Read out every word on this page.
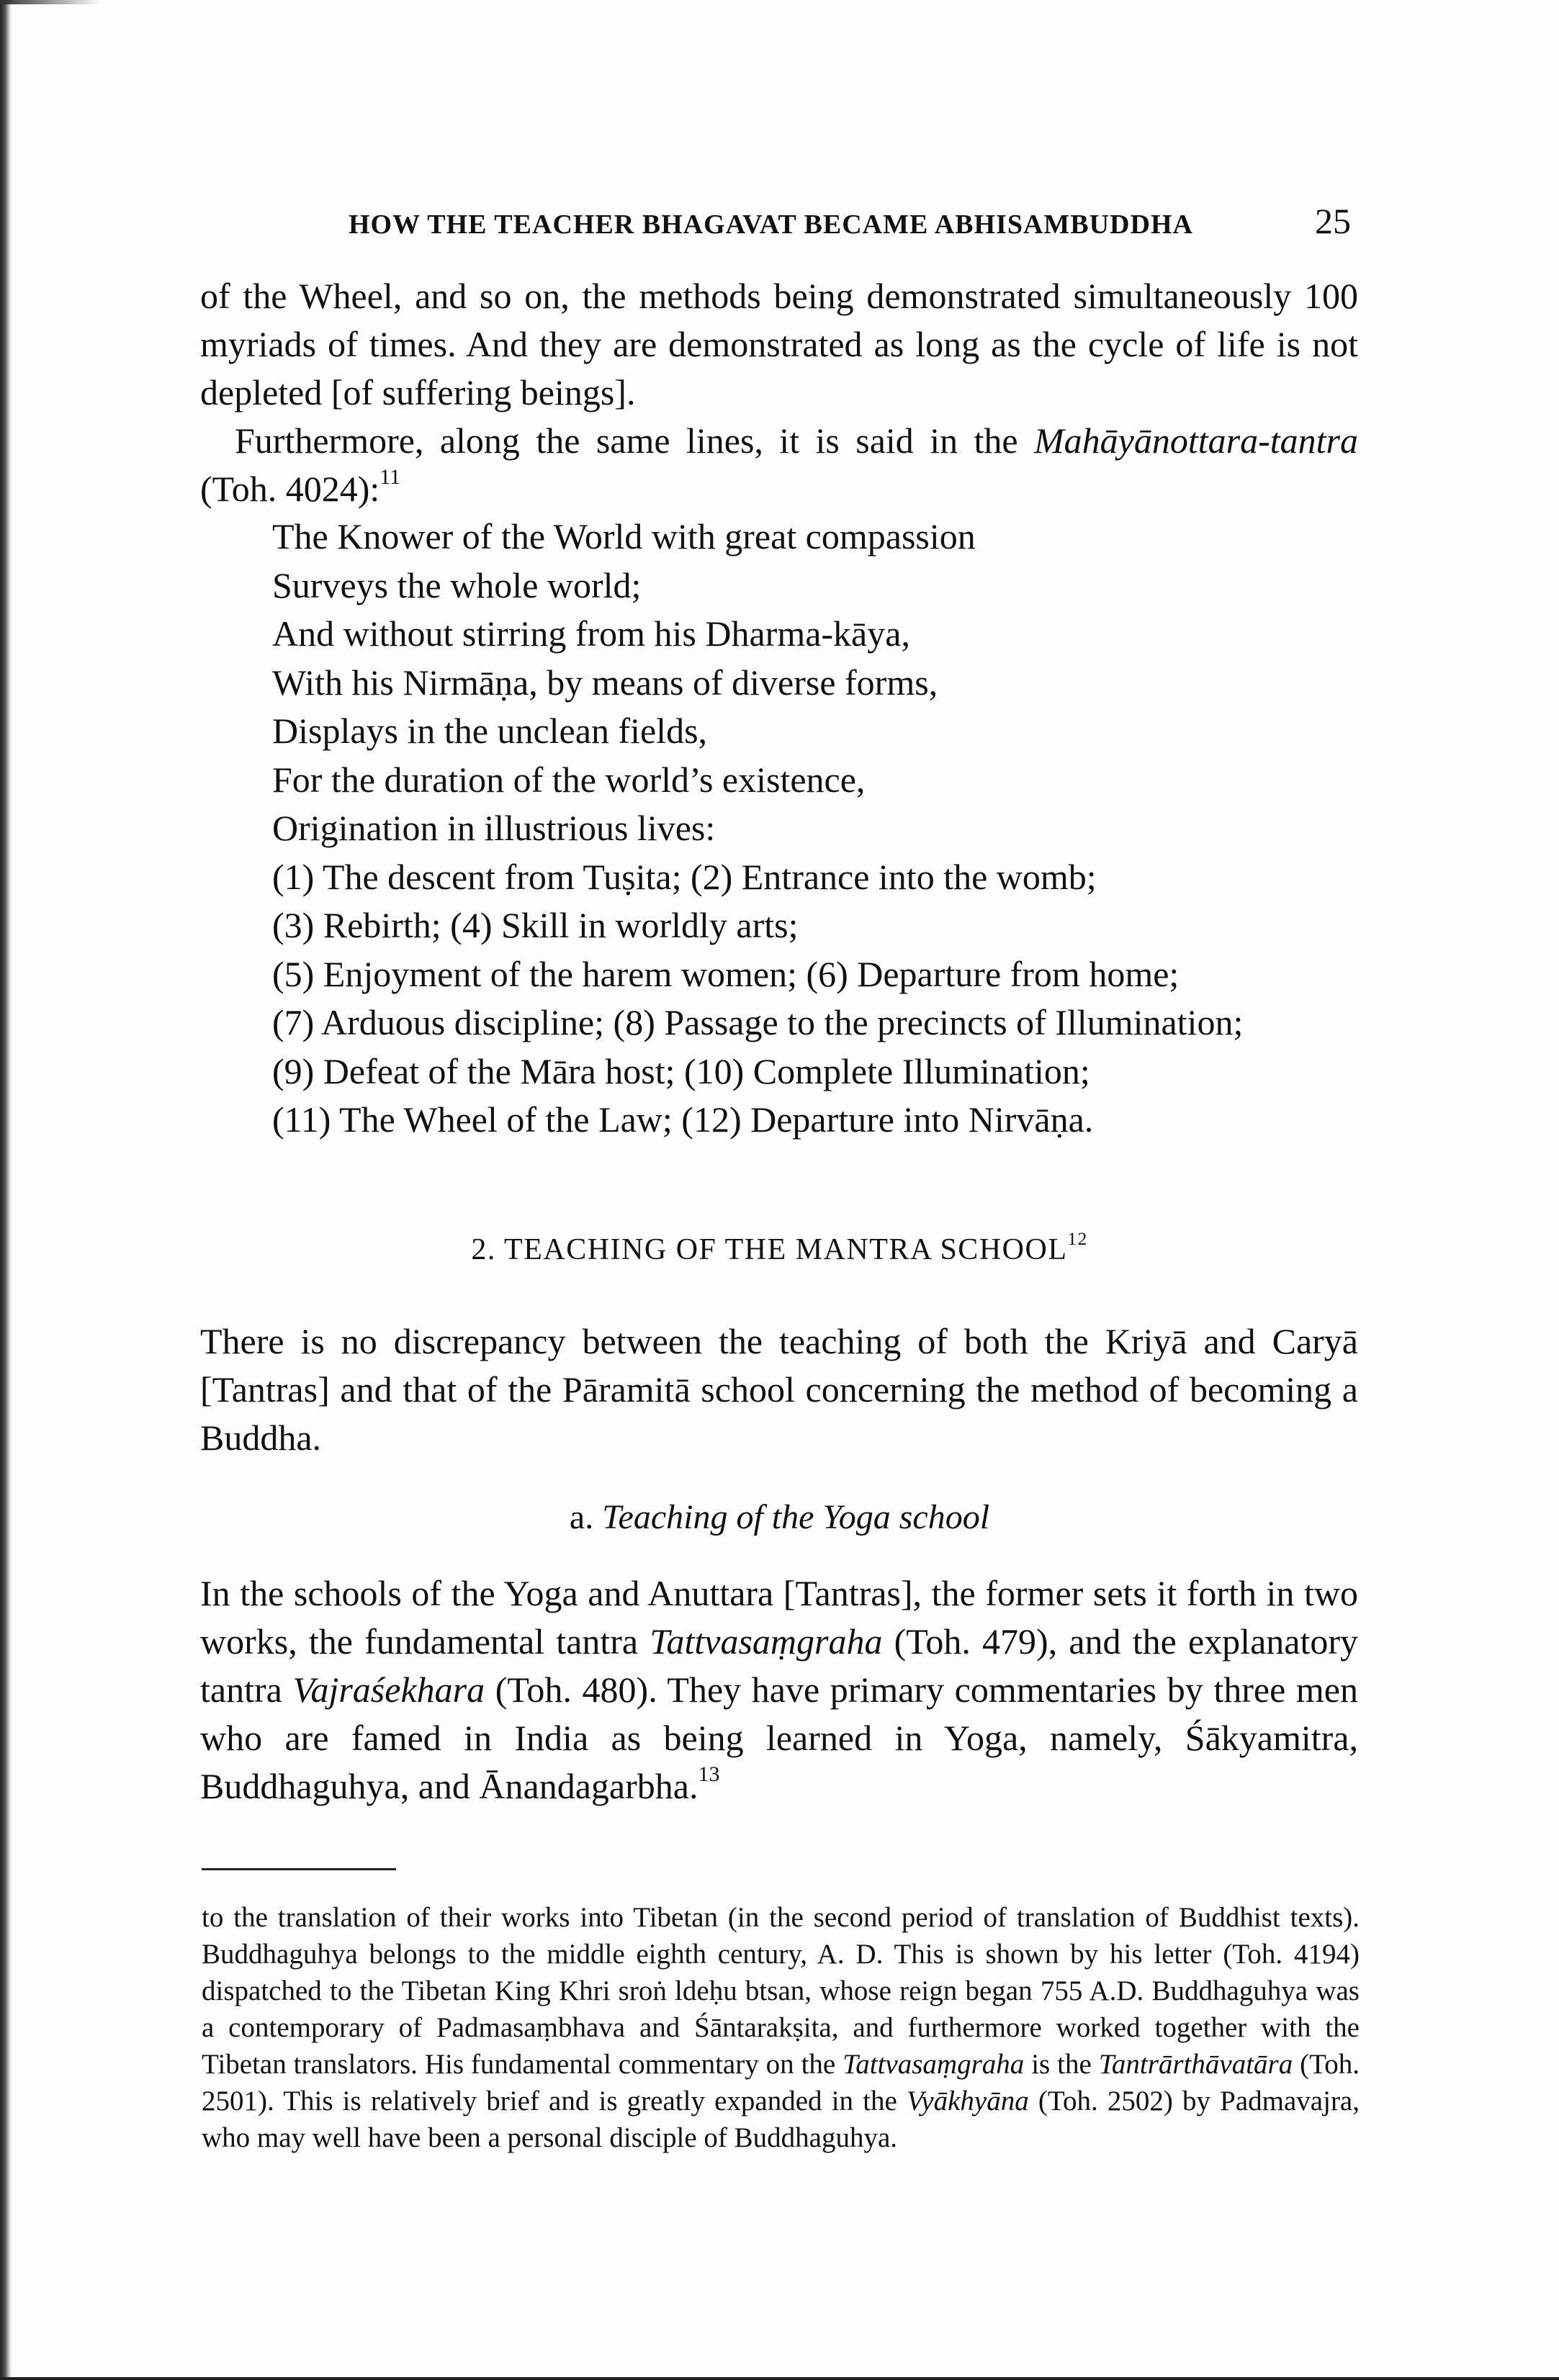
HOW THE TEACHER BHAGAVAT BECAME ABHISAMBUDDHA	25
of the Wheel, and so on, the methods being demonstrated simultaneously 100 myriads of times. And they are demonstrated as long as the cycle of life is not depleted [of suffering beings].
Furthermore, along the same lines, it is said in the Mahāyānottara-tantra (Toh. 4024):$^{11}$
The Knower of the World with great compassion
Surveys the whole world;
And without stirring from his Dharma-kāya,
With his Nirmāṇa, by means of diverse forms,
Displays in the unclean fields,
For the duration of the world’s existence,
Origination in illustrious lives:
(1) The descent from Tuṣita; (2) Entrance into the womb;
(3) Rebirth; (4) Skill in worldly arts;
(5) Enjoyment of the harem women; (6) Departure from home;
(7) Arduous discipline; (8) Passage to the precincts of Illumination;
(9) Defeat of the Māra host; (10) Complete Illumination;
(11) The Wheel of the Law; (12) Departure into Nirvāṇa.
2. TEACHING OF THE MANTRA SCHOOL$^{12}$
There is no discrepancy between the teaching of both the Kriyā and Caryā [Tantras] and that of the Pāramitā school concerning the method of becoming a Buddha.
a. Teaching of the Yoga school
In the schools of the Yoga and Anuttara [Tantras], the former sets it forth in two works, the fundamental tantra Tattvasaṃgraha (Toh. 479), and the explanatory tantra Vajraśekhara (Toh. 480). They have primary commentaries by three men who are famed in India as being learned in Yoga, namely, Śākyamitra, Buddhaguhya, and Ānandagarbha.$^{13}$
to the translation of their works into Tibetan (in the second period of translation of Buddhist texts). Buddhaguhya belongs to the middle eighth century, A. D. This is shown by his letter (Toh. 4194) dispatched to the Tibetan King Khri sroṅ ldeḥu btsan, whose reign began 755 A.D. Buddhaguhya was a contemporary of Padmasaṃbhava and Śāntarakṣita, and furthermore worked together with the Tibetan translators. His fundamental commentary on the Tattvasaṃgraha is the Tantrārthāvatāra (Toh. 2501). This is relatively brief and is greatly expanded in the Vyākhyāna (Toh. 2502) by Padmavajra, who may well have been a personal disciple of Buddhaguhya.
